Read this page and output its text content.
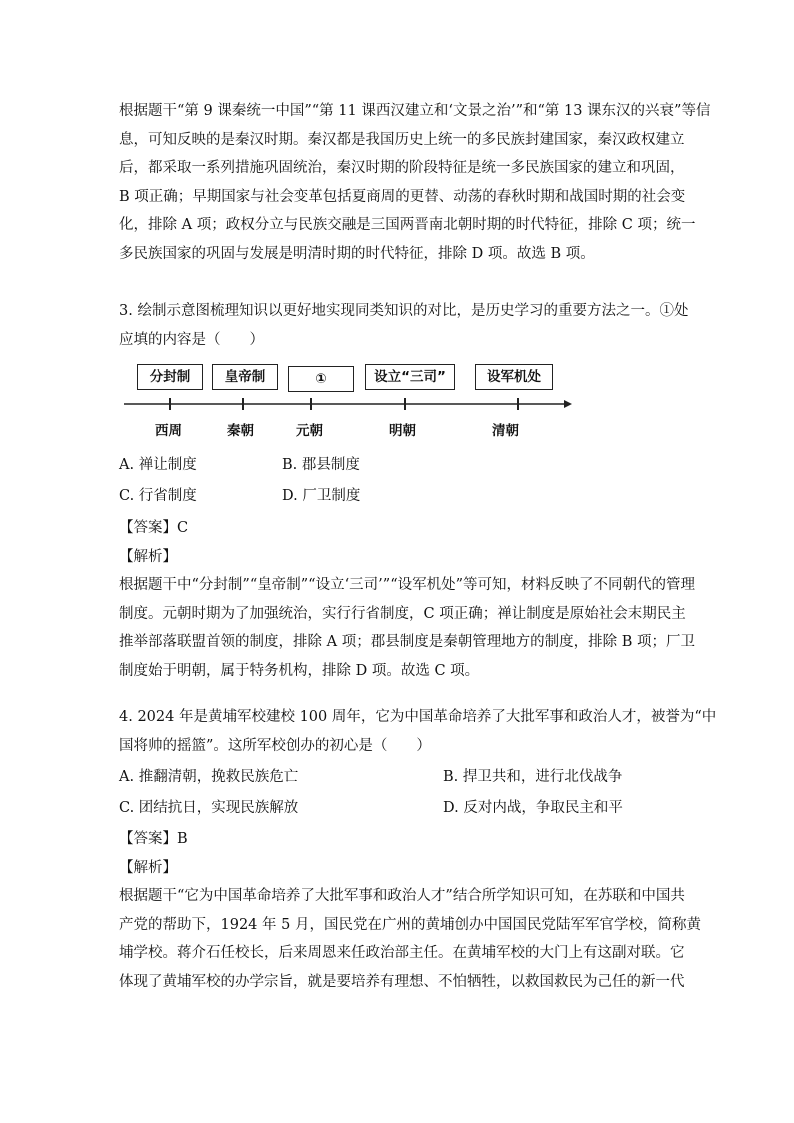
根据题干“第 9 课秦统一中国”“第 11 课西汉建立和‘文景之治’”和“第 13 课东汉的兴衰”等信
息，可知反映的是秦汉时期。秦汉都是我国历史上统一的多民族封建国家，秦汉政权建立
后，都采取一系列措施巩固统治，秦汉时期的阶段特征是统一多民族国家的建立和巩固，
B 项正确；早期国家与社会变革包括夏商周的更替、动荡的春秋时期和战国时期的社会变
化，排除 A 项；政权分立与民族交融是三国两晋南北朝时期的时代特征，排除 C 项；统一
多民族国家的巩固与发展是明清时期的时代特征，排除 D 项。故选 B 项。
3. 绘制示意图梳理知识以更好地实现同类知识的对比，是历史学习的重要方法之一。①处
应填的内容是（　　）
分封制	皇帝制	①	设立“三司”	设军机处
西周	秦朝	元朝	明朝	清朝
A. 禅让制度	B. 郡县制度
C. 行省制度	D. 厂卫制度
【答案】C
【解析】
根据题干中“分封制”“皇帝制”“设立‘三司’”“设军机处”等可知，材料反映了不同朝代的管理
制度。元朝时期为了加强统治，实行行省制度，C 项正确；禅让制度是原始社会末期民主
推举部落联盟首领的制度，排除 A 项；郡县制度是秦朝管理地方的制度，排除 B 项；厂卫
制度始于明朝，属于特务机构，排除 D 项。故选 C 项。
4. 2024 年是黄埔军校建校 100 周年，它为中国革命培养了大批军事和政治人才，被誉为“中
国将帅的摇篮”。这所军校创办的初心是（　　）
A. 推翻清朝，挽救民族危亡	B. 捍卫共和，进行北伐战争
C. 团结抗日，实现民族解放	D. 反对内战，争取民主和平
【答案】B
【解析】
根据题干“它为中国革命培养了大批军事和政治人才”结合所学知识可知，在苏联和中国共
产党的帮助下，1924 年 5 月，国民党在广州的黄埔创办中国国民党陆军军官学校，简称黄
埔学校。蒋介石任校长，后来周恩来任政治部主任。在黄埔军校的大门上有这副对联。它
体现了黄埔军校的办学宗旨，就是要培养有理想、不怕牺牲，以救国救民为己任的新一代
